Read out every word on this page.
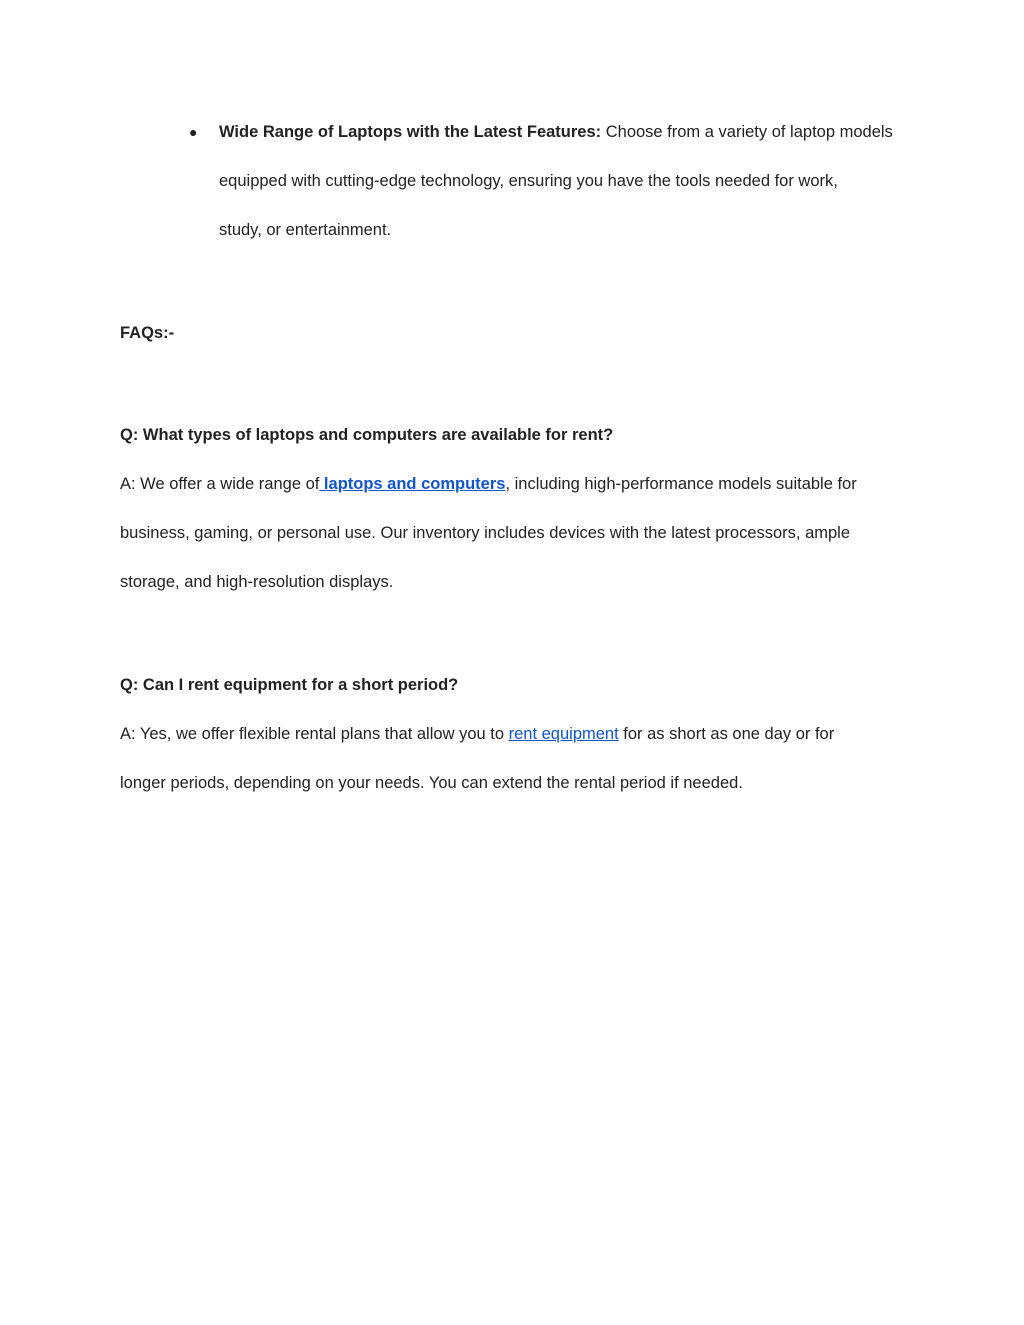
● Wide Range of Laptops with the Latest Features: Choose from a variety of laptop models
equipped with cutting-edge technology, ensuring you have the tools needed for work,
study, or entertainment.
FAQs:-
Q: What types of laptops and computers are available for rent?
A: We offer a wide range of laptops and computers, including high-performance models suitable for
business, gaming, or personal use. Our inventory includes devices with the latest processors, ample
storage, and high-resolution displays.
Q: Can I rent equipment for a short period?
A: Yes, we offer flexible rental plans that allow you to rent equipment for as short as one day or for
longer periods, depending on your needs. You can extend the rental period if needed.
